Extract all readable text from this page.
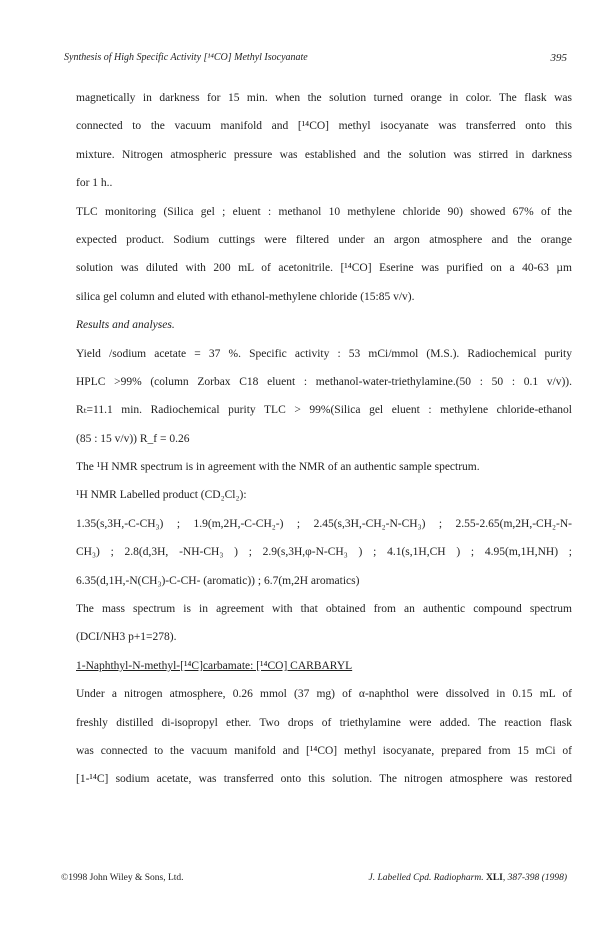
Synthesis of High Specific Activity [¹⁴CO] Methyl Isocyanate	395
magnetically in darkness for 15 min. when the solution turned orange in color. The flask was
connected to the vacuum manifold and [¹⁴CO] methyl isocyanate was transferred onto this
mixture. Nitrogen atmospheric pressure was established and the solution was stirred in darkness
for 1 h..
TLC monitoring (Silica gel ; eluent : methanol 10 methylene chloride 90) showed 67% of the
expected product. Sodium cuttings were filtered under an argon atmosphere and the orange
solution was diluted with 200 mL of acetonitrile. [¹⁴CO] Eserine was purified on a 40-63 µm
silica gel column and eluted with ethanol-methylene chloride (15:85 v/v).
Results and analyses.
Yield /sodium acetate = 37 %. Specific activity : 53 mCi/mmol (M.S.). Radiochemical purity
HPLC >99% (column Zorbax C18 eluent : methanol-water-triethylamine.(50 : 50 : 0.1 v/v)).
Rₜ=11.1 min. Radiochemical purity TLC > 99%(Silica gel eluent : methylene chloride-ethanol
(85 : 15 v/v)) R_f = 0.26
The ¹H NMR spectrum is in agreement with the NMR of an authentic sample spectrum.
¹H NMR Labelled product (CD₂Cl₂):
1.35(s,3H,-C-CH₃) ; 1.9(m,2H,-C-CH₂-) ; 2.45(s,3H,-CH₂-N-CH₃) ; 2.55-2.65(m,2H,-CH₂-N-
CH₃) ; 2.8(d,3H, -NH-CH₃ ) ; 2.9(s,3H,φ-N-CH₃ ) ; 4.1(s,1H,CH ) ; 4.95(m,1H,NH) ;
6.35(d,1H,-N(CH₃)-C-CH- (aromatic)) ; 6.7(m,2H aromatics)
The mass spectrum is in agreement with that obtained from an authentic compound spectrum
(DCI/NH3 p+1=278).
1-Naphthyl-N-methyl-[¹⁴C]carbamate: [¹⁴CO] CARBARYL
Under a nitrogen atmosphere, 0.26 mmol (37 mg) of α-naphthol were dissolved in 0.15 mL of
freshly distilled di-isopropyl ether. Two drops of triethylamine were added. The reaction flask
was connected to the vacuum manifold and [¹⁴CO] methyl isocyanate, prepared from 15 mCi of
[1-¹⁴C] sodium acetate, was transferred onto this solution. The nitrogen atmosphere was restored
©1998 John Wiley & Sons, Ltd.	J. Labelled Cpd. Radiopharm. XLI, 387-398 (1998)
